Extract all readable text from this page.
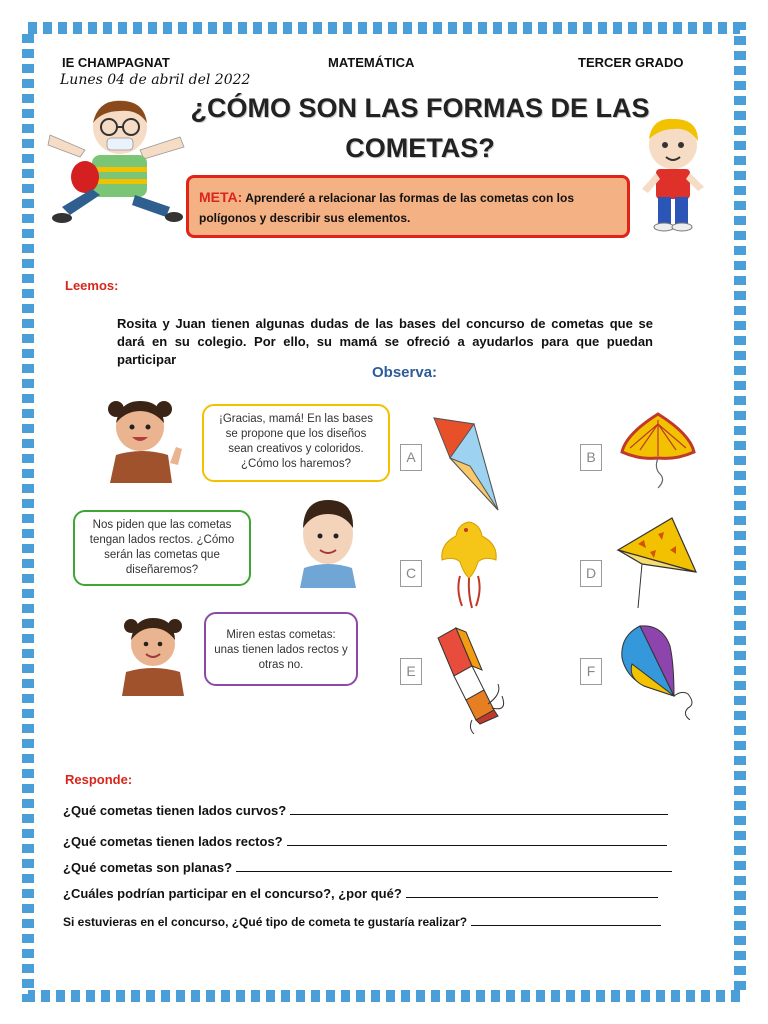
IE CHAMPAGNAT	MATEMÁTICA	TERCER GRADO
Lunes 04 de abril del 2022
¿CÓMO SON LAS FORMAS DE LAS COMETAS?
META: Aprenderé a relacionar las formas de las cometas con los polígonos y describir sus elementos.
Leemos:
Rosita y Juan tienen algunas dudas de las bases del concurso de cometas que se dará en su colegio. Por ello, su mamá se ofreció a ayudarlos para que puedan participar
Observa:
¡Gracias, mamá! En las bases se propone que los diseños sean creativos y coloridos. ¿Cómo los haremos?
Nos piden que las cometas tengan lados rectos. ¿Cómo serán las cometas que diseñaremos?
Miren estas cometas: unas tienen lados rectos y otras no.
A	B
C	D
E	F
Responde:
¿Qué cometas tienen lados curvos?
¿Qué cometas tienen lados rectos?
¿Qué cometas son planas?
¿Cuáles podrían participar en el concurso?, ¿por qué?
Si estuvieras en el concurso, ¿Qué tipo de cometa te gustaría realizar?
